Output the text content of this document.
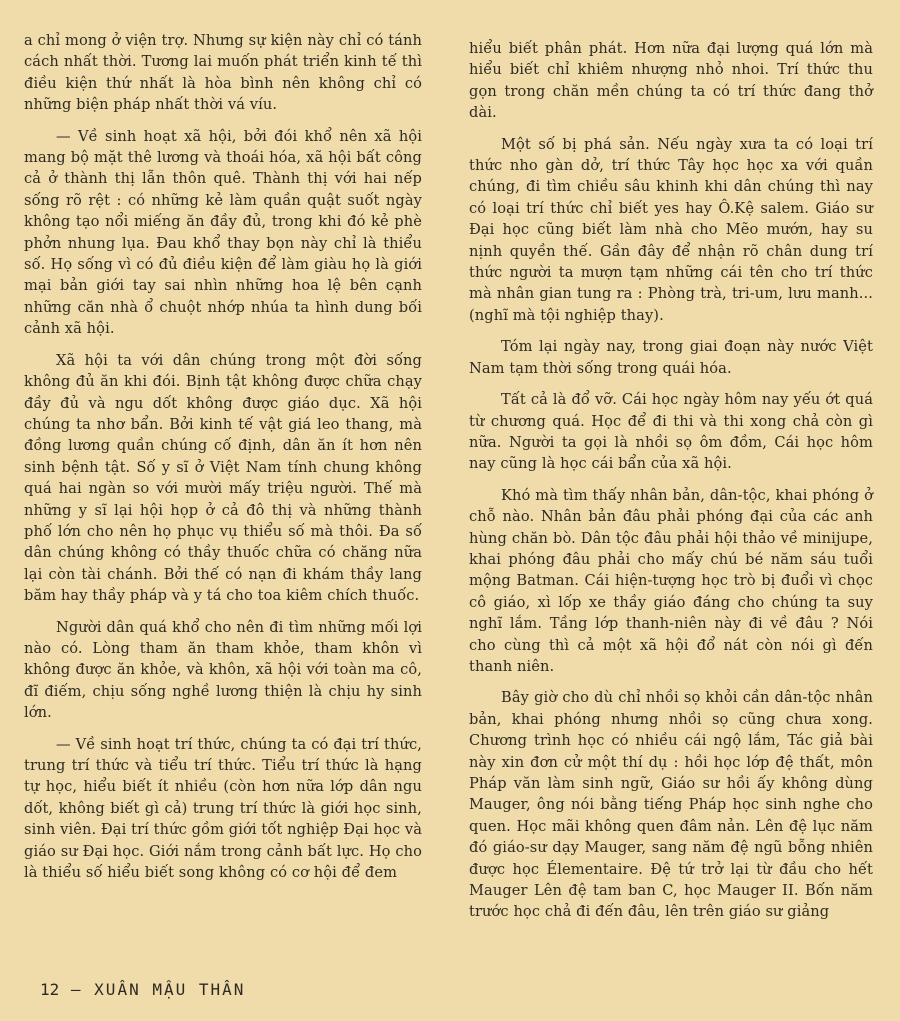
a chỉ mong ở viện trợ. Nhưng sự kiện này chỉ có tánh cách nhất thời. Tương lai muốn phát triển kinh tế thì điều kiện thứ nhất là hòa bình nên không chỉ có những biện pháp nhất thời vá víu.

— Về sinh hoạt xã hội, bởi đói khổ nên xã hội mang bộ mặt thê lương và thoái hóa, xã hội bất công cả ở thành thị lẫn thôn quê. Thành thị với hai nếp sống rõ rệt : có những kẻ làm quần quật suốt ngày không tạo nổi miếng ăn đầy đủ, trong khi đó kẻ phè phởn nhung lụa. Đau khổ thay bọn này chỉ là thiểu số. Họ sống vì có đủ điều kiện để làm giàu họ là giới mại bản giới tay sai nhìn những hoa lệ bên cạnh những căn nhà ổ chuột nhớp nhúa ta hình dung bối cảnh xã hội.

Xã hội ta với dân chúng trong một đời sống không đủ ăn khi đói. Bịnh tật không được chữa chạy đầy đủ và ngu dốt không được giáo dục. Xã hội chúng ta nhơ bẩn. Bởi kinh tế vật giá leo thang, mà đồng lương quần chúng cố định, dân ăn ít hơn nên sinh bệnh tật. Số y sĩ ở Việt Nam tính chung không quá hai ngàn so với mười mấy triệu người. Thế mà những y sĩ lại hội họp ở cả đô thị và những thành phố lớn cho nên họ phục vụ thiểu số mà thôi. Đa số dân chúng không có thầy thuốc chữa có chăng nữa lại còn tài chánh. Bởi thế có nạn đi khám thầy lang băm hay thầy pháp và y tá cho toa kiêm chích thuốc.

Người dân quá khổ cho nên đi tìm những mối lợi nào có. Lòng tham ăn tham khỏe, tham khôn vì không được ăn khỏe, và khôn, xã hội với toàn ma cô, đĩ điếm, chịu sống nghề lương thiện là chịu hy sinh lớn.

— Về sinh hoạt trí thức, chúng ta có đại trí thức, trung trí thức và tiểu trí thức. Tiểu trí thức là hạng tự học, hiểu biết ít nhiều (còn hơn nữa lớp dân ngu dốt, không biết gì cả) trung trí thức là giới học sinh, sinh viên. Đại trí thức gồm giới tốt nghiệp Đại học và giáo sư Đại học. Giới nắm trong cảnh bất lực. Họ cho là thiểu số hiểu biết song không có cơ hội để đem

hiểu biết phân phát. Hơn nữa đại lượng quá lớn mà hiểu biết chỉ khiêm nhượng nhỏ nhoi. Trí thức thu gọn trong chăn mền chúng ta có trí thức đang thở dài.

Một số bị phá sản. Nếu ngày xưa ta có loại trí thức nho gàn dở, trí thức Tây học học xa với quần chúng, đi tìm chiều sâu khinh khi dân chúng thì nay có loại trí thức chỉ biết yes hay Ô.Kệ salem. Giáo sư Đại học cũng biết làm nhà cho Mẽo mướn, hay su nịnh quyền thế. Gần đây để nhận rõ chân dung trí thức người ta mượn tạm những cái tên cho trí thức mà nhân gian tung ra : Phòng trà, tri-um, lưu manh... (nghĩ mà tội nghiệp thay).

Tóm lại ngày nay, trong giai đoạn này nước Việt Nam tạm thời sống trong quái hóa.

Tất cả là đổ vỡ. Cái học ngày hôm nay yếu ớt quá từ chương quá. Học để đi thi và thi xong chả còn gì nữa. Người ta gọi là nhồi sọ ôm đồm, Cái học hôm nay cũng là học cái bẩn của xã hội.

Khó mà tìm thấy nhân bản, dân-tộc, khai phóng ở chỗ nào. Nhân bản đâu phải phóng đại của các anh hùng chăn bò. Dân tộc đâu phải hội thảo về minijupe, khai phóng đâu phải cho mấy chú bé năm sáu tuổi mộng Batman. Cái hiện-tượng học trò bị đuổi vì chọc cô giáo, xì lốp xe thầy giáo đáng cho chúng ta suy nghĩ lắm. Tầng lớp thanh-niên này đi về đâu ? Nói cho cùng thì cả một xã hội đổ nát còn nói gì đến thanh niên.

Bây giờ cho dù chỉ nhồi sọ khỏi cần dân-tộc nhân bản, khai phóng nhưng nhồi sọ cũng chưa xong. Chương trình học có nhiều cái ngộ lắm, Tác giả bài này xin đơn cử một thí dụ : hồi học lớp đệ thất, môn Pháp văn làm sinh ngữ, Giáo sư hồi ấy không dùng Mauger, ông nói bằng tiếng Pháp học sinh nghe cho quen. Học mãi không quen đâm nản. Lên đệ lục năm đó giáo-sư dạy Mauger, sang năm đệ ngũ bỗng nhiên được học Élementaire. Đệ tứ trở lại từ đầu cho hết Mauger Lên đệ tam ban C, học Mauger II. Bốn năm trước học chả đi đến đâu, lên trên giáo sư giảng

12 — XUÂN MẬU THÂN
